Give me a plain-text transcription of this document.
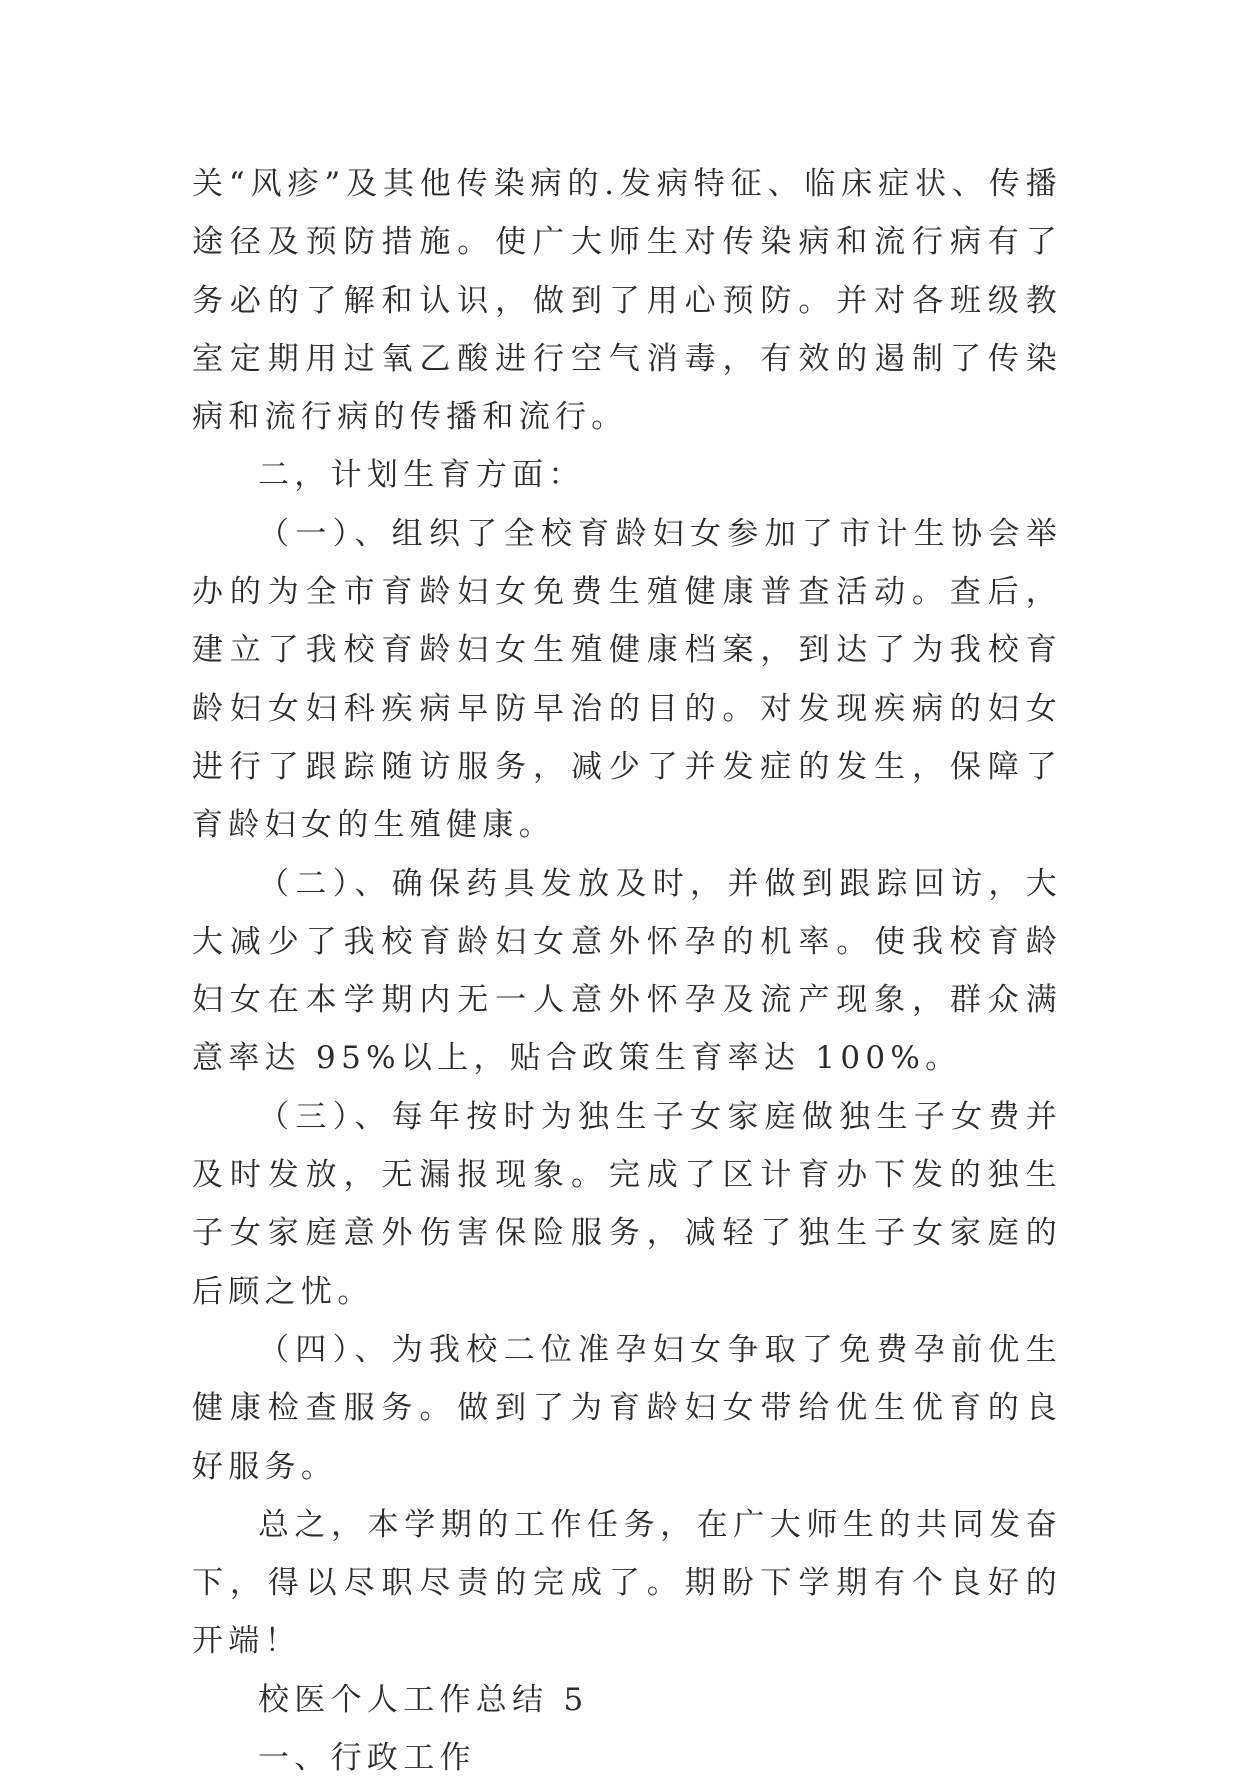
关“风疹”及其他传染病的.发病特征、临床症状、传播途径及预防措施。使广大师生对传染病和流行病有了务必的了解和认识，做到了用心预防。并对各班级教室定期用过氧乙酸进行空气消毒，有效的遏制了传染病和流行病的传播和流行。

二，计划生育方面：

（一）、组织了全校育龄妇女参加了市计生协会举办的为全市育龄妇女免费生殖健康普查活动。查后，建立了我校育龄妇女生殖健康档案，到达了为我校育龄妇女妇科疾病早防早治的目的。对发现疾病的妇女进行了跟踪随访服务，减少了并发症的发生，保障了育龄妇女的生殖健康。

（二）、确保药具发放及时，并做到跟踪回访，大大减少了我校育龄妇女意外怀孕的机率。使我校育龄妇女在本学期内无一人意外怀孕及流产现象，群众满意率达 95%以上，贴合政策生育率达 100%。

（三）、每年按时为独生子女家庭做独生子女费并及时发放，无漏报现象。完成了区计育办下发的独生子女家庭意外伤害保险服务，减轻了独生子女家庭的后顾之忧。

（四）、为我校二位准孕妇女争取了免费孕前优生健康检查服务。做到了为育龄妇女带给优生优育的良好服务。

总之，本学期的工作任务，在广大师生的共同发奋下，得以尽职尽责的完成了。期盼下学期有个良好的开端！

校医个人工作总结 5

一、行政工作
